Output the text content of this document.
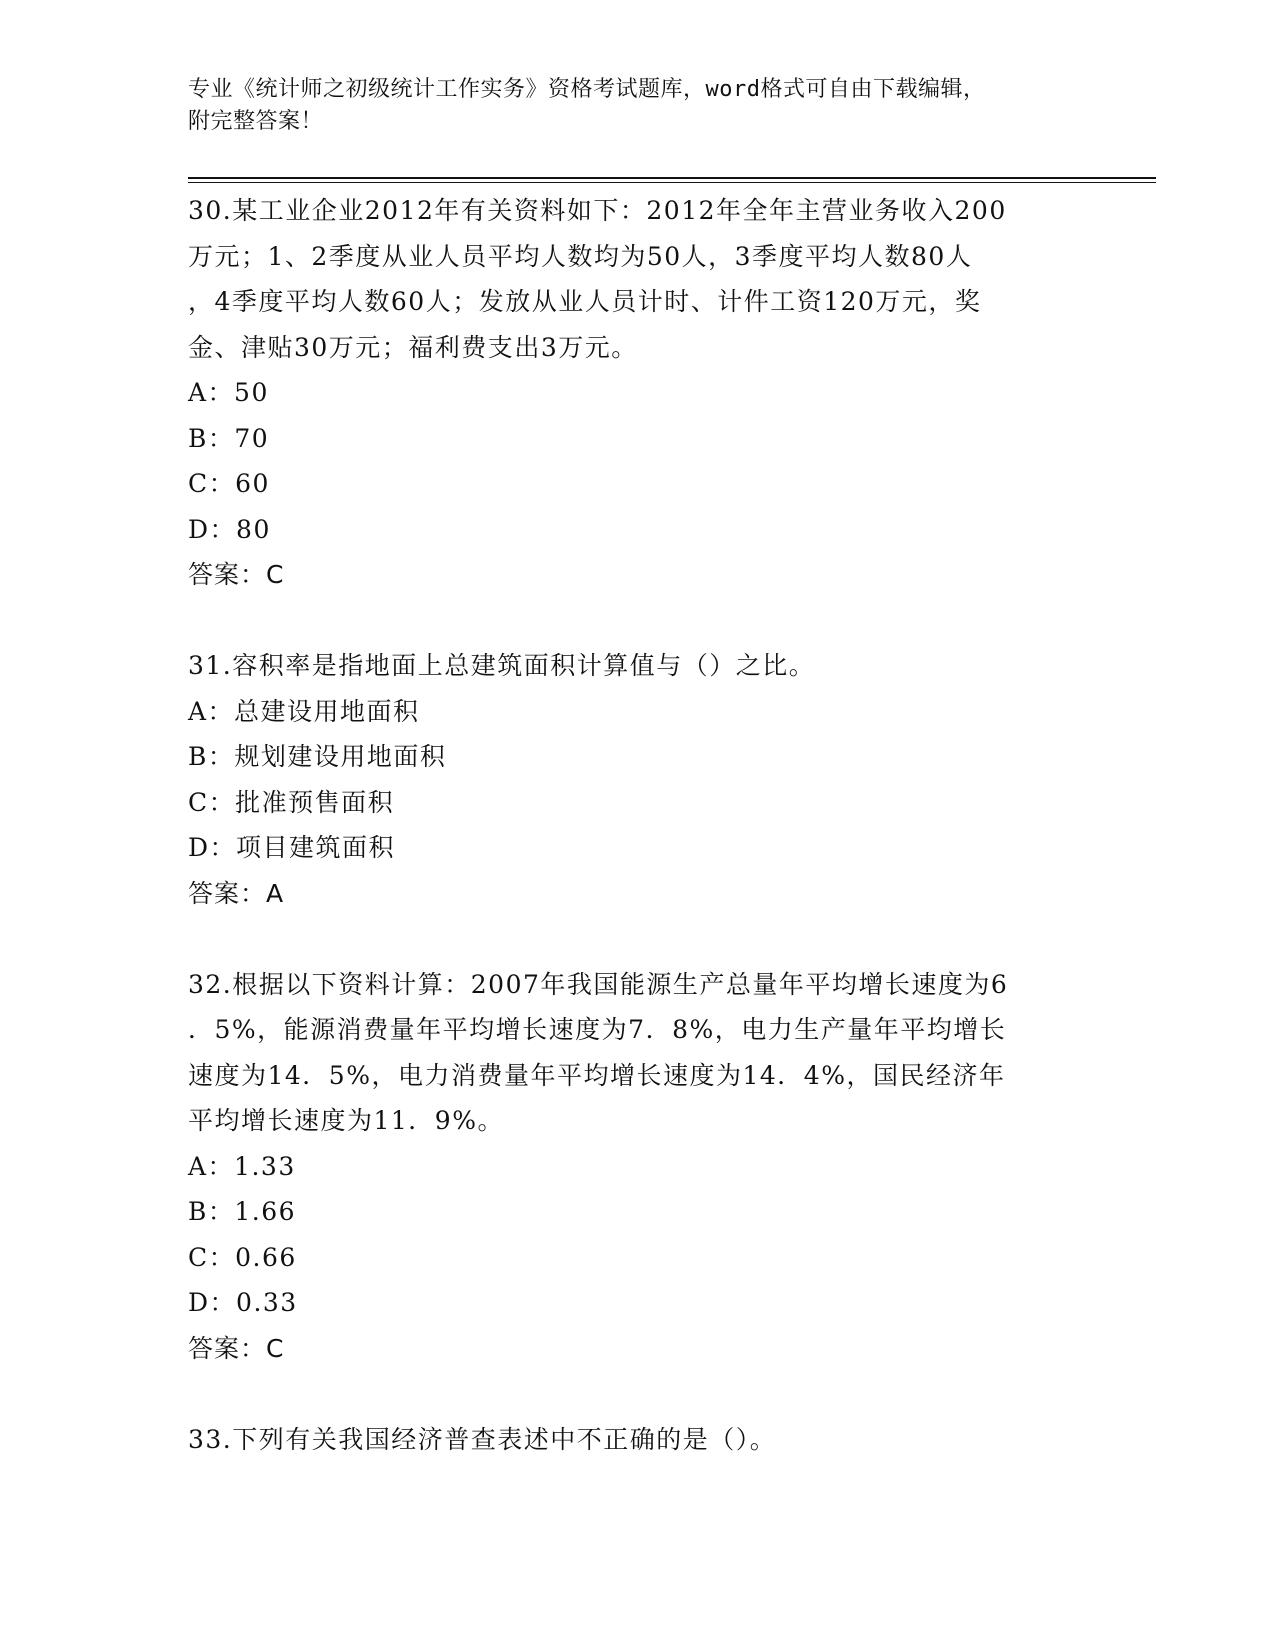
专业《统计师之初级统计工作实务》资格考试题库，word格式可自由下载编辑，
附完整答案！
30.某工业企业2012年有关资料如下：2012年全年主营业务收入200
万元；1、2季度从业人员平均人数均为50人，3季度平均人数80人
，4季度平均人数60人；发放从业人员计时、计件工资120万元，奖
金、津贴30万元；福利费支出3万元。
A：50
B：70
C：60
D：80
答案：C
31.容积率是指地面上总建筑面积计算值与（）之比。
A：总建设用地面积
B：规划建设用地面积
C：批准预售面积
D：项目建筑面积
答案：A
32.根据以下资料计算：2007年我国能源生产总量年平均增长速度为6
．5%，能源消费量年平均增长速度为7．8%，电力生产量年平均增长
速度为14．5%，电力消费量年平均增长速度为14．4%，国民经济年
平均增长速度为11．9%。
A：1.33
B：1.66
C：0.66
D：0.33
答案：C
33.下列有关我国经济普查表述中不正确的是（）。
